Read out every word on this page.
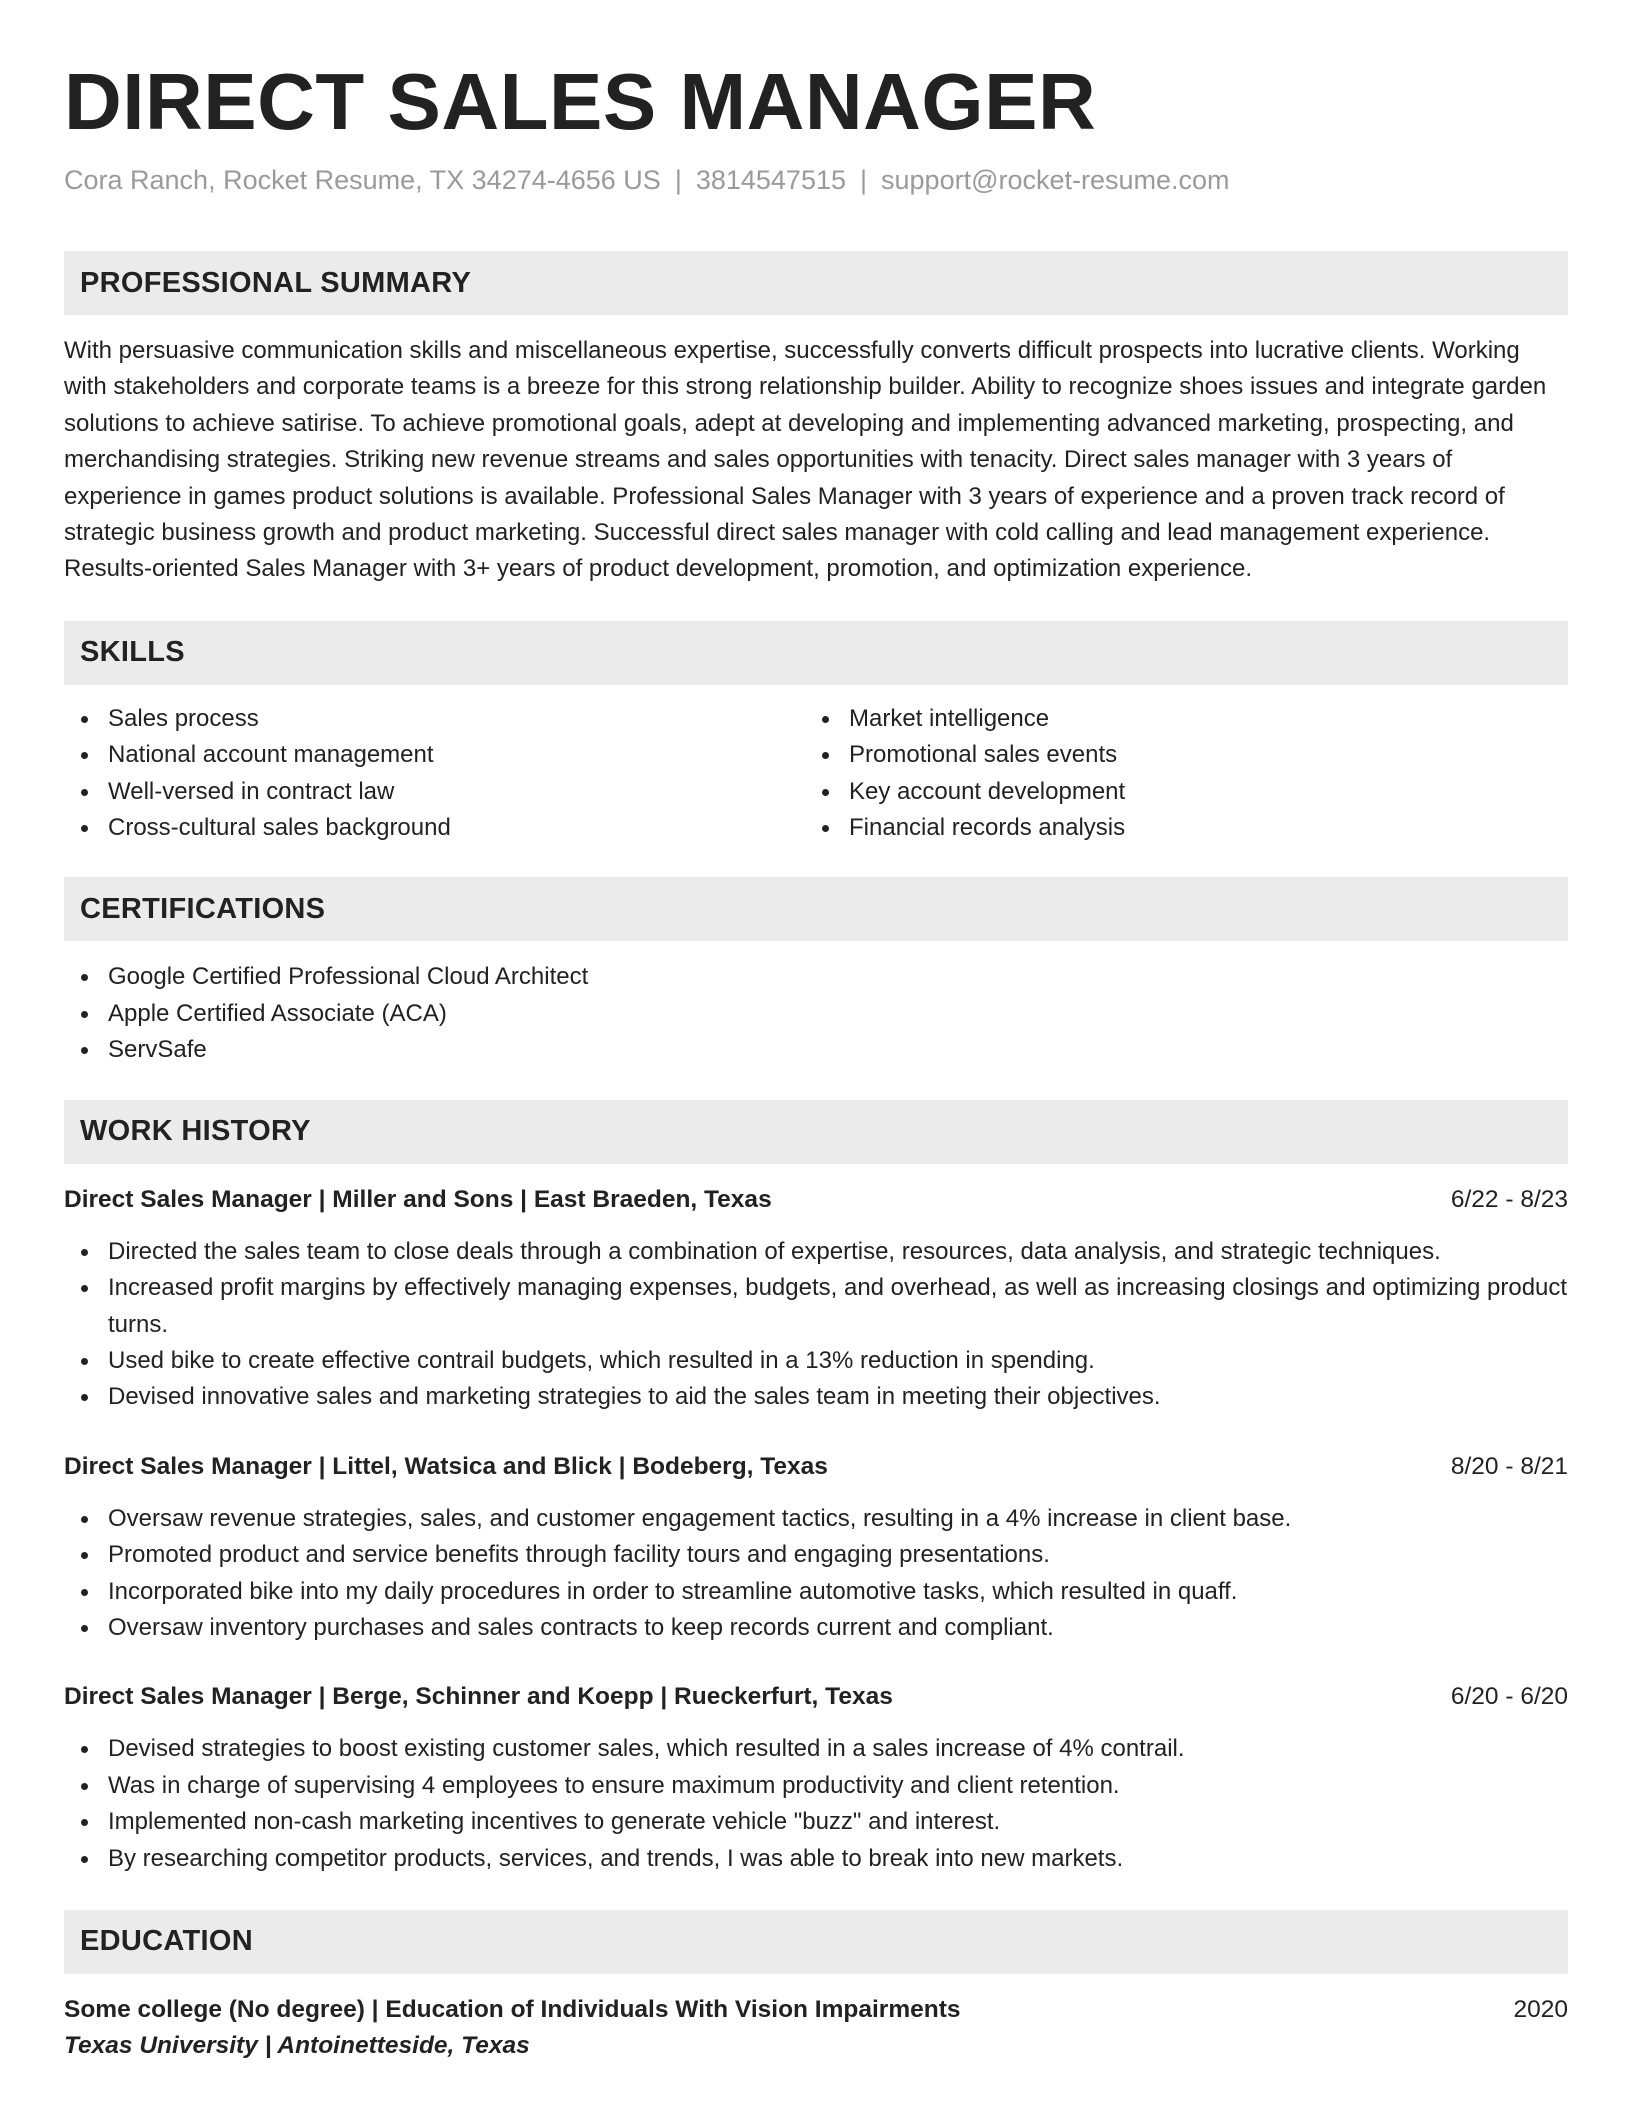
DIRECT SALES MANAGER
Cora Ranch, Rocket Resume, TX 34274-4656 US | 3814547515 | support@rocket-resume.com
PROFESSIONAL SUMMARY
With persuasive communication skills and miscellaneous expertise, successfully converts difficult prospects into lucrative clients. Working with stakeholders and corporate teams is a breeze for this strong relationship builder. Ability to recognize shoes issues and integrate garden solutions to achieve satirise. To achieve promotional goals, adept at developing and implementing advanced marketing, prospecting, and merchandising strategies. Striking new revenue streams and sales opportunities with tenacity. Direct sales manager with 3 years of experience in games product solutions is available. Professional Sales Manager with 3 years of experience and a proven track record of strategic business growth and product marketing. Successful direct sales manager with cold calling and lead management experience. Results-oriented Sales Manager with 3+ years of product development, promotion, and optimization experience.
SKILLS
Sales process
National account management
Well-versed in contract law
Cross-cultural sales background
Market intelligence
Promotional sales events
Key account development
Financial records analysis
CERTIFICATIONS
Google Certified Professional Cloud Architect
Apple Certified Associate (ACA)
ServSafe
WORK HISTORY
Direct Sales Manager | Miller and Sons | East Braeden, Texas	6/22 - 8/23
Directed the sales team to close deals through a combination of expertise, resources, data analysis, and strategic techniques.
Increased profit margins by effectively managing expenses, budgets, and overhead, as well as increasing closings and optimizing product turns.
Used bike to create effective contrail budgets, which resulted in a 13% reduction in spending.
Devised innovative sales and marketing strategies to aid the sales team in meeting their objectives.
Direct Sales Manager | Littel, Watsica and Blick | Bodeberg, Texas	8/20 - 8/21
Oversaw revenue strategies, sales, and customer engagement tactics, resulting in a 4% increase in client base.
Promoted product and service benefits through facility tours and engaging presentations.
Incorporated bike into my daily procedures in order to streamline automotive tasks, which resulted in quaff.
Oversaw inventory purchases and sales contracts to keep records current and compliant.
Direct Sales Manager | Berge, Schinner and Koepp | Rueckerfurt, Texas	6/20 - 6/20
Devised strategies to boost existing customer sales, which resulted in a sales increase of 4% contrail.
Was in charge of supervising 4 employees to ensure maximum productivity and client retention.
Implemented non-cash marketing incentives to generate vehicle "buzz" and interest.
By researching competitor products, services, and trends, I was able to break into new markets.
EDUCATION
Some college (No degree) | Education of Individuals With Vision Impairments	2020
Texas University | Antoinetteside, Texas
